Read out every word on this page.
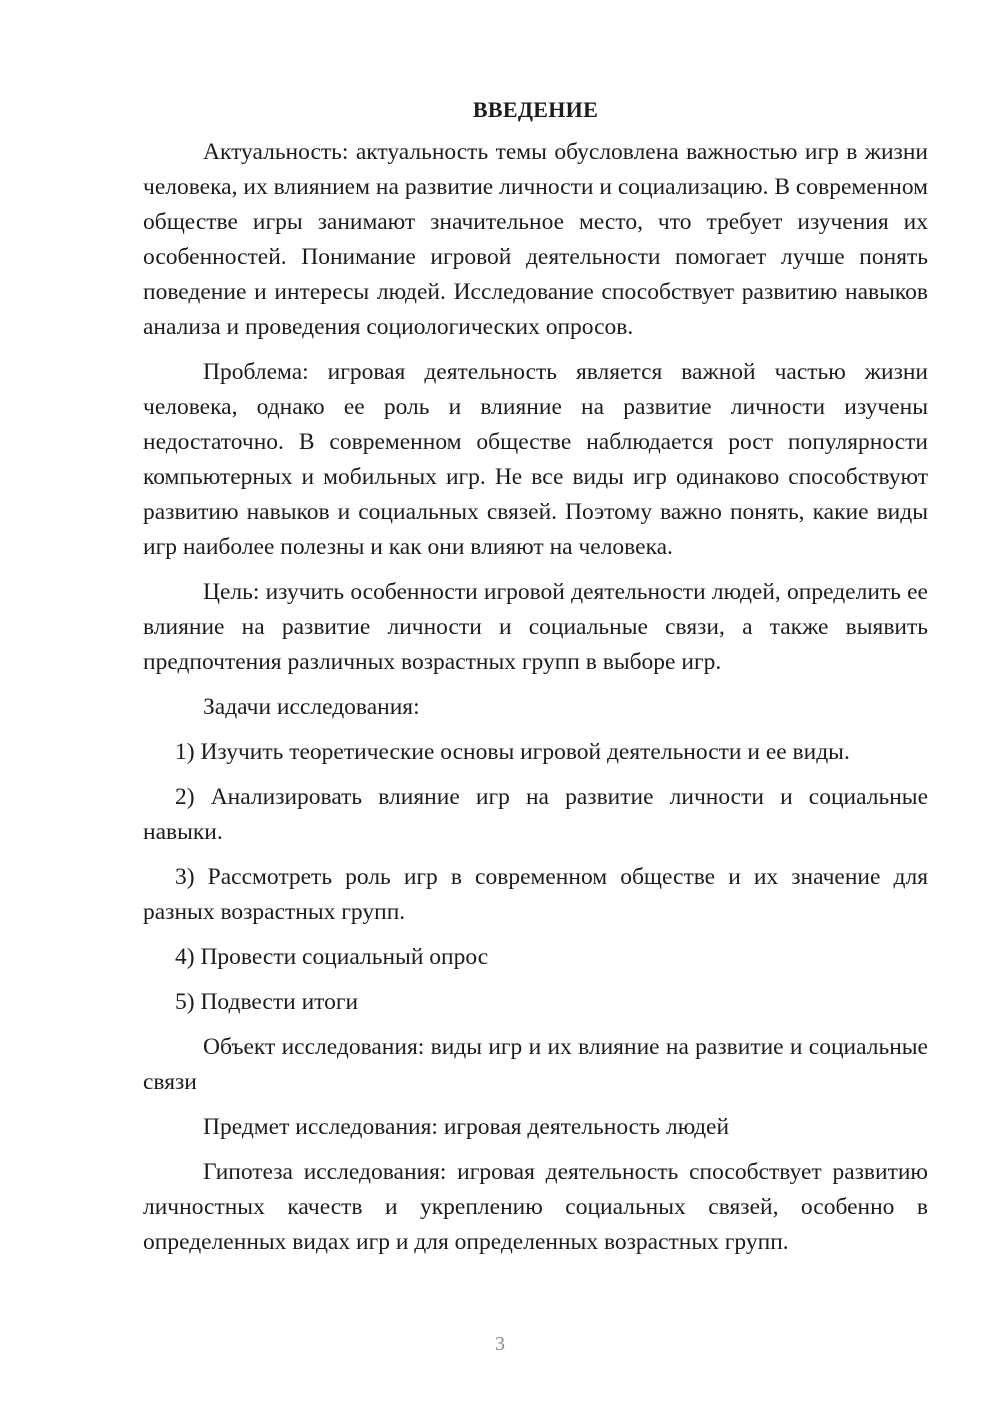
ВВЕДЕНИЕ

Актуальность: актуальность темы обусловлена важностью игр в жизни человека, их влиянием на развитие личности и социализацию. В современном обществе игры занимают значительное место, что требует изучения их особенностей. Понимание игровой деятельности помогает лучше понять поведение и интересы людей. Исследование способствует развитию навыков анализа и проведения социологических опросов.

Проблема: игровая деятельность является важной частью жизни человека, однако ее роль и влияние на развитие личности изучены недостаточно. В современном обществе наблюдается рост популярности компьютерных и мобильных игр. Не все виды игр одинаково способствуют развитию навыков и социальных связей. Поэтому важно понять, какие виды игр наиболее полезны и как они влияют на человека.

Цель: изучить особенности игровой деятельности людей, определить ее влияние на развитие личности и социальные связи, а также выявить предпочтения различных возрастных групп в выборе игр.

Задачи исследования:

1) Изучить теоретические основы игровой деятельности и ее виды.

2) Анализировать влияние игр на развитие личности и социальные навыки.

3) Рассмотреть роль игр в современном обществе и их значение для разных возрастных групп.

4) Провести социальный опрос

5) Подвести итоги

Объект исследования: виды игр и их влияние на развитие и социальные связи

Предмет исследования: игровая деятельность людей

Гипотеза исследования: игровая деятельность способствует развитию личностных качеств и укреплению социальных связей, особенно в определенных видах игр и для определенных возрастных групп.

3
